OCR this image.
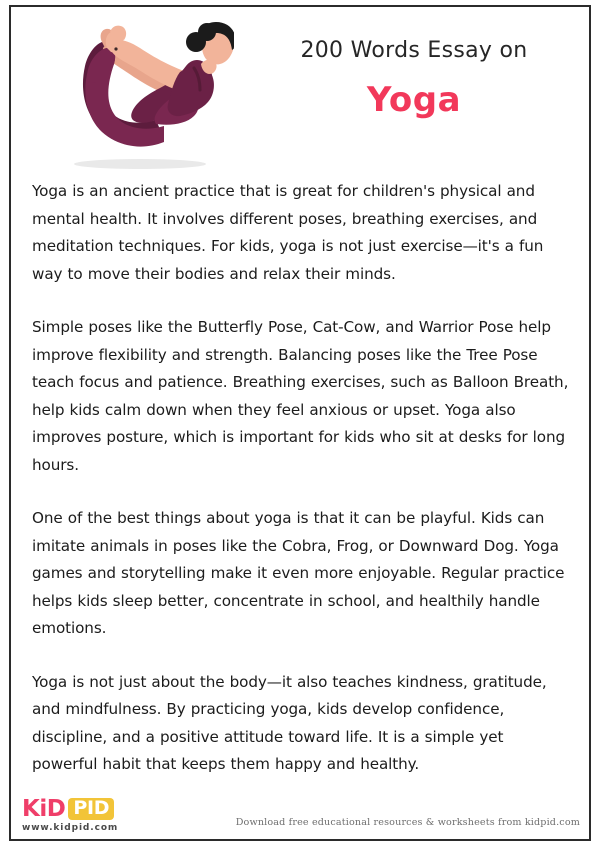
200 Words Essay on
Yoga

Yoga is an ancient practice that is great for children's physical and mental health. It involves different poses, breathing exercises, and meditation techniques. For kids, yoga is not just exercise—it's a fun way to move their bodies and relax their minds.

Simple poses like the Butterfly Pose, Cat-Cow, and Warrior Pose help improve flexibility and strength. Balancing poses like the Tree Pose teach focus and patience. Breathing exercises, such as Balloon Breath, help kids calm down when they feel anxious or upset. Yoga also improves posture, which is important for kids who sit at desks for long hours.

One of the best things about yoga is that it can be playful. Kids can imitate animals in poses like the Cobra, Frog, or Downward Dog. Yoga games and storytelling make it even more enjoyable. Regular practice helps kids sleep better, concentrate in school, and healthily handle emotions.

Yoga is not just about the body—it also teaches kindness, gratitude, and mindfulness. By practicing yoga, kids develop confidence, discipline, and a positive attitude toward life. It is a simple yet powerful habit that keeps them happy and healthy.

KiD PID
www.kidpid.com	Download free educational resources & worksheets from kidpid.com
